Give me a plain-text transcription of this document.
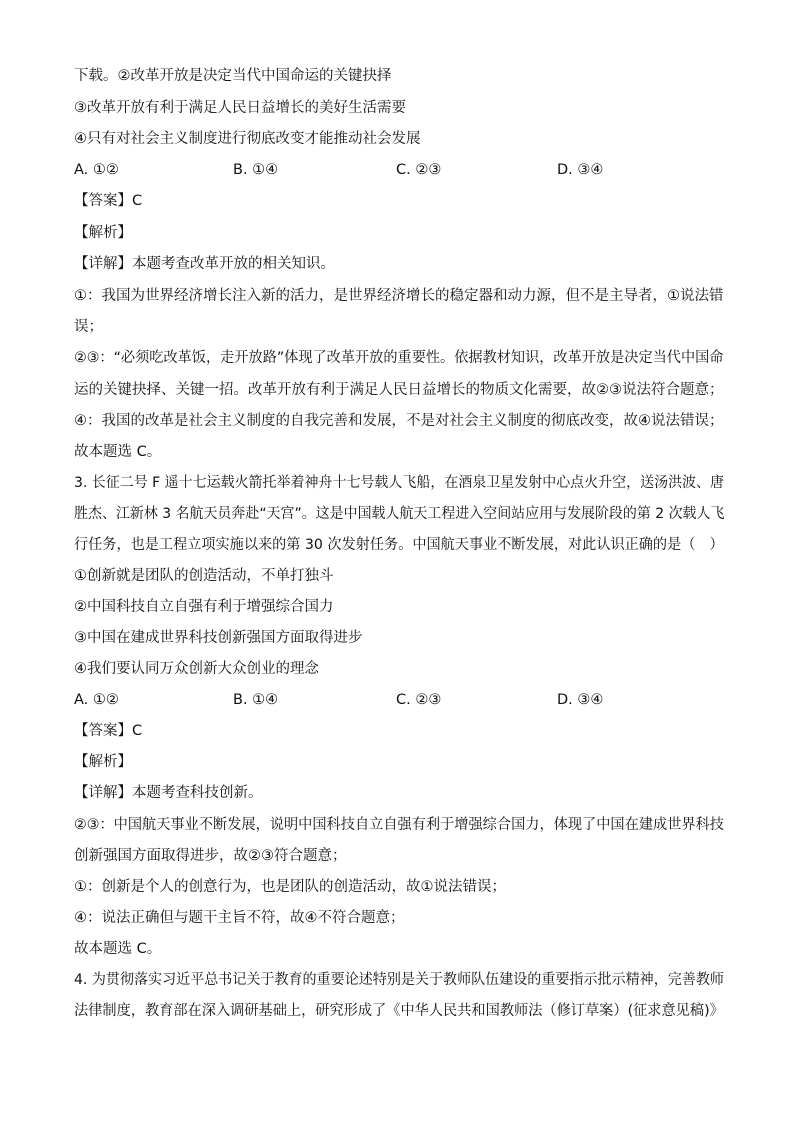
下载。②改革开放是决定当代中国命运的关键抉择
③改革开放有利于满足人民日益增长的美好生活需要
④只有对社会主义制度进行彻底改变才能推动社会发展
A. ①②	B. ①④	C. ②③	D. ③④
【答案】C
【解析】
【详解】本题考查改革开放的相关知识。
①：我国为世界经济增长注入新的活力，是世界经济增长的稳定器和动力源，但不是主导者，①说法错
误；
②③：“必须吃改革饭，走开放路”体现了改革开放的重要性。依据教材知识，改革开放是决定当代中国命
运的关键抉择、关键一招。改革开放有利于满足人民日益增长的物质文化需要，故②③说法符合题意；
④：我国的改革是社会主义制度的自我完善和发展，不是对社会主义制度的彻底改变，故④说法错误；
故本题选 C。
3. 长征二号 F 遥十七运载火箭托举着神舟十七号载人飞船，在酒泉卫星发射中心点火升空，送汤洪波、唐
胜杰、江新林 3 名航天员奔赴“天宫”。这是中国载人航天工程进入空间站应用与发展阶段的第 2 次载人飞
行任务，也是工程立项实施以来的第 30 次发射任务。中国航天事业不断发展，对此认识正确的是（　）
①创新就是团队的创造活动，不单打独斗
②中国科技自立自强有利于增强综合国力
③中国在建成世界科技创新强国方面取得进步
④我们要认同万众创新大众创业的理念
A. ①②	B. ①④	C. ②③	D. ③④
【答案】C
【解析】
【详解】本题考查科技创新。
②③：中国航天事业不断发展，说明中国科技自立自强有利于增强综合国力，体现了中国在建成世界科技
创新强国方面取得进步，故②③符合题意；
①：创新是个人的创意行为，也是团队的创造活动，故①说法错误；
④：说法正确但与题干主旨不符，故④不符合题意；
故本题选 C。
4. 为贯彻落实习近平总书记关于教育的重要论述特别是关于教师队伍建设的重要指示批示精神，完善教师
法律制度，教育部在深入调研基础上，研究形成了《中华人民共和国教师法（修订草案）(征求意见稿)》
